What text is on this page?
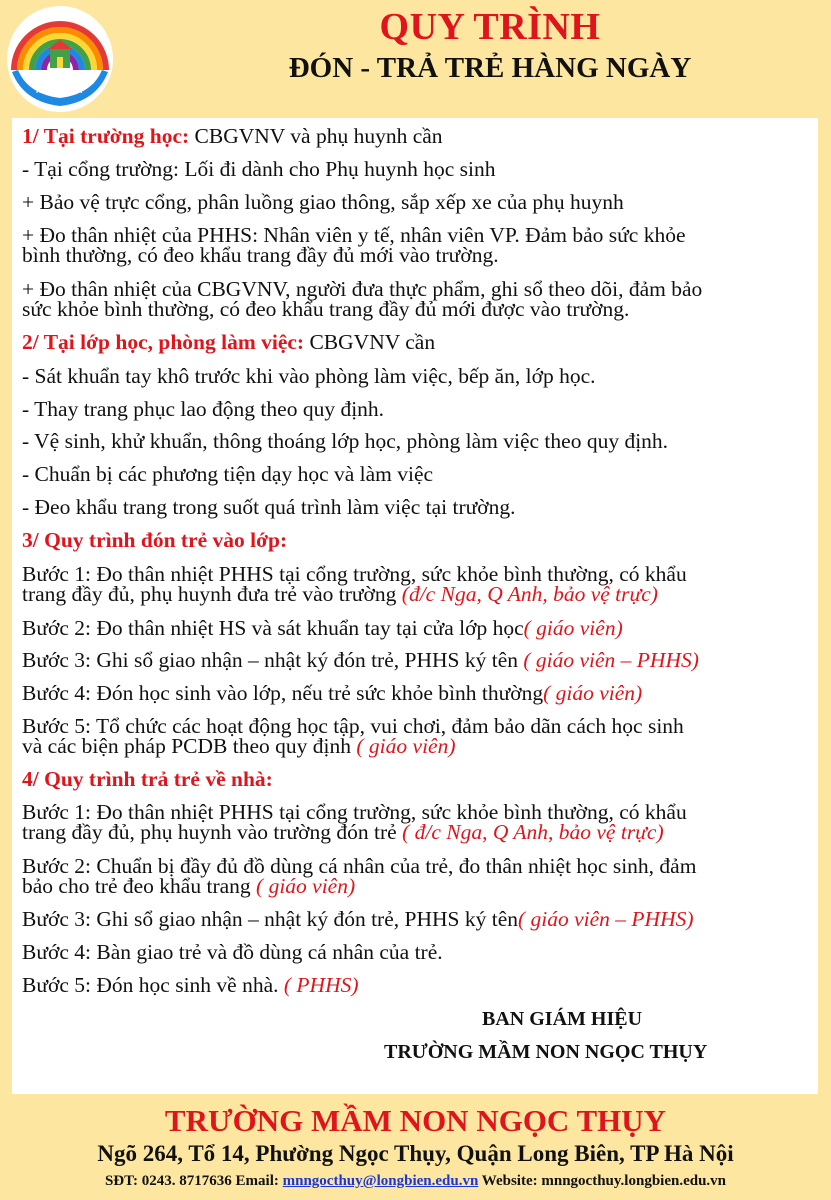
TRƯỜNG MẦM NON
NGỌC THỤY
QUY TRÌNH
ĐÓN - TRẢ TRẺ HÀNG NGÀY
1/ Tại trường học: CBGVNV và phụ huynh cần
- Tại cổng trường: Lối đi dành cho Phụ huynh học sinh
+ Bảo vệ trực cổng, phân luồng giao thông, sắp xếp xe của phụ huynh
+ Đo thân nhiệt của PHHS: Nhân viên y tế, nhân viên VP. Đảm bảo sức khỏe
bình thường, có đeo khẩu trang đầy đủ mới vào trường.
+ Đo thân nhiệt của CBGVNV, người đưa thực phẩm, ghi sổ theo dõi, đảm bảo
sức khỏe bình thường, có đeo khẩu trang đầy đủ mới được vào trường.
2/ Tại lớp học, phòng làm việc: CBGVNV cần
- Sát khuẩn tay khô trước khi vào phòng làm việc, bếp ăn, lớp học.
- Thay trang phục lao động theo quy định.
- Vệ sinh, khử khuẩn, thông thoáng lớp học, phòng làm việc theo quy định.
- Chuẩn bị các phương tiện dạy học và làm việc
- Đeo khẩu trang trong suốt quá trình làm việc tại trường.
3/ Quy trình đón trẻ vào lớp:
Bước 1: Đo thân nhiệt PHHS tại cổng trường, sức khỏe bình thường, có khẩu
trang đầy đủ, phụ huynh đưa trẻ vào trường (đ/c Nga, Q Anh, bảo vệ trực)
Bước 2: Đo thân nhiệt HS và sát khuẩn tay tại cửa lớp học( giáo viên)
Bước 3: Ghi sổ giao nhận – nhật ký đón trẻ, PHHS ký tên ( giáo viên – PHHS)
Bước 4: Đón học sinh vào lớp, nếu trẻ sức khỏe bình thường( giáo viên)
Bước 5: Tổ chức các hoạt động học tập, vui chơi, đảm bảo dãn cách học sinh
và các biện pháp PCDB theo quy định ( giáo viên)
4/ Quy trình trả trẻ về nhà:
Bước 1: Đo thân nhiệt PHHS tại cổng trường, sức khỏe bình thường, có khẩu
trang đầy đủ, phụ huynh vào trường đón trẻ ( đ/c Nga, Q Anh, bảo vệ trực)
Bước 2: Chuẩn bị đầy đủ đồ dùng cá nhân của trẻ, đo thân nhiệt học sinh, đảm
bảo cho trẻ đeo khẩu trang ( giáo viên)
Bước 3: Ghi sổ giao nhận – nhật ký đón trẻ, PHHS ký tên( giáo viên – PHHS)
Bước 4: Bàn giao trẻ và đồ dùng cá nhân của trẻ.
Bước 5: Đón học sinh về nhà. ( PHHS)
BAN GIÁM HIỆU
TRƯỜNG MẦM NON NGỌC THỤY
TRƯỜNG MẦM NON NGỌC THỤY
Ngõ 264, Tổ 14, Phường Ngọc Thụy, Quận Long Biên, TP Hà Nội
SĐT: 0243. 8717636 Email: mnngocthuy@longbien.edu.vn Website: mnngocthuy.longbien.edu.vn
